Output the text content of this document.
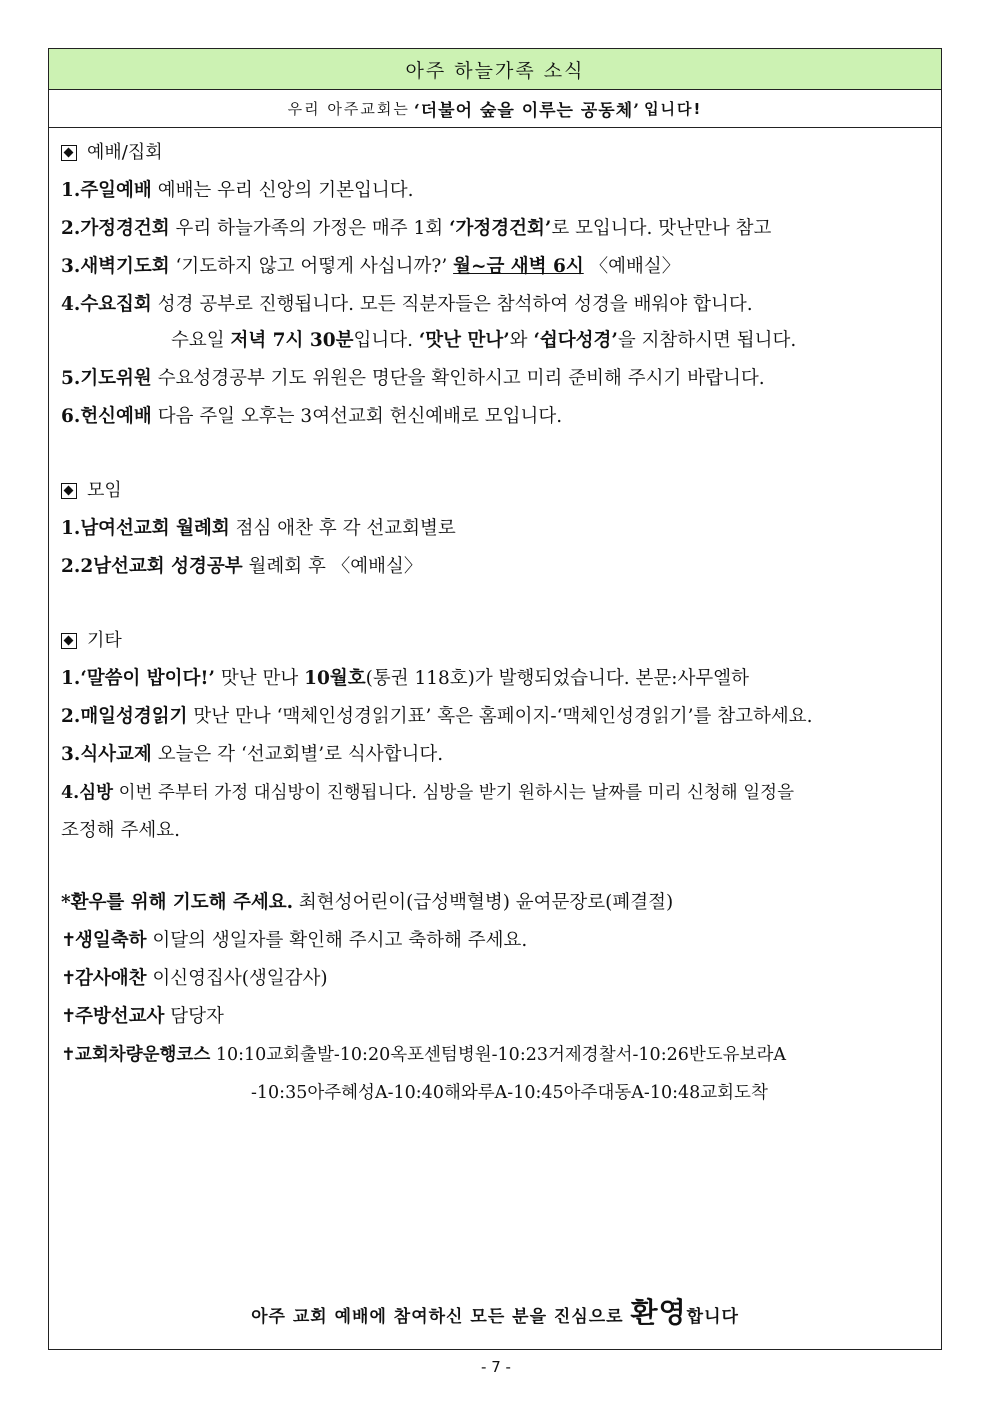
아주 하늘가족 소식
우리 아주교회는 ‘더불어 숲을 이루는 공동체’ 입니다!
예배/집회
1.주일예배 예배는 우리 신앙의 기본입니다.
2.가정경건회 우리 하늘가족의 가정은 매주 1회 ‘가정경건회’로 모입니다. 맛난만나 참고
3.새벽기도회 ‘기도하지 않고 어떻게 사십니까?’ 월~금 새벽 6시 〈예배실〉
4.수요집회 성경 공부로 진행됩니다. 모든 직분자들은 참석하여 성경을 배워야 합니다.
수요일 저녁 7시 30분입니다. ‘맛난 만나’와 ‘쉽다성경’을 지참하시면 됩니다.
5.기도위원 수요성경공부 기도 위원은 명단을 확인하시고 미리 준비해 주시기 바랍니다.
6.헌신예배 다음 주일 오후는 3여선교회 헌신예배로 모입니다.
모임
1.남여선교회 월례회 점심 애찬 후 각 선교회별로
2.2남선교회 성경공부 월례회 후 〈예배실〉
기타
1.‘말씀이 밥이다!’ 맛난 만나 10월호(통권 118호)가 발행되었습니다. 본문:사무엘하
2.매일성경읽기 맛난 만나 ‘맥체인성경읽기표’ 혹은 홈페이지-‘맥체인성경읽기’를 참고하세요.
3.식사교제 오늘은 각 ‘선교회별’로 식사합니다.
4.심방 이번 주부터 가정 대심방이 진행됩니다. 심방을 받기 원하시는 날짜를 미리 신청해 일정을
조정해 주세요.
*환우를 위해 기도해 주세요. 최현성어린이(급성백혈병) 윤여문장로(폐결절)
✝생일축하 이달의 생일자를 확인해 주시고 축하해 주세요.
✝감사애찬 이신영집사(생일감사)
✝주방선교사 담당자
✝교회차량운행코스 10:10교회출발-10:20옥포센텀병원-10:23거제경찰서-10:26반도유보라A
-10:35아주혜성A-10:40해와루A-10:45아주대동A-10:48교회도착
아주 교회 예배에 참여하신 모든 분을 진심으로 환영합니다
- 7 -
